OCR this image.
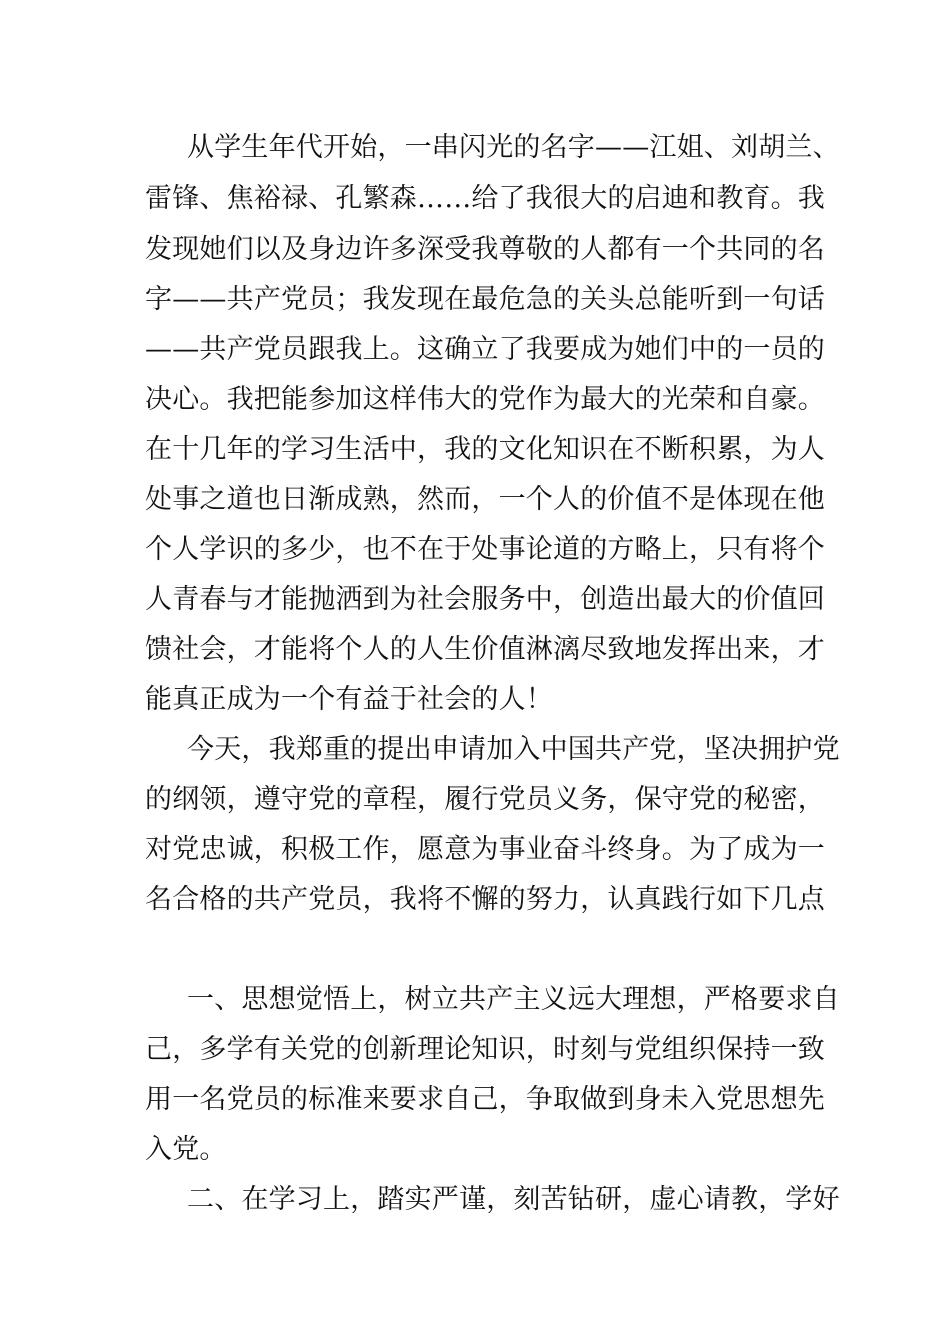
从学生年代开始，一串闪光的名字——江姐、刘胡兰、
雷锋、焦裕禄、孔繁森……给了我很大的启迪和教育。我
发现她们以及身边许多深受我尊敬的人都有一个共同的名
字——共产党员；我发现在最危急的关头总能听到一句话
——共产党员跟我上。这确立了我要成为她们中的一员的
决心。我把能参加这样伟大的党作为最大的光荣和自豪。
在十几年的学习生活中，我的文化知识在不断积累，为人
处事之道也日渐成熟，然而，一个人的价值不是体现在他
个人学识的多少，也不在于处事论道的方略上，只有将个
人青春与才能抛洒到为社会服务中，创造出最大的价值回
馈社会，才能将个人的人生价值淋漓尽致地发挥出来，才
能真正成为一个有益于社会的人！
今天，我郑重的提出申请加入中国共产党，坚决拥护党
的纲领，遵守党的章程，履行党员义务，保守党的秘密，
对党忠诚，积极工作，愿意为事业奋斗终身。为了成为一
名合格的共产党员，我将不懈的努力，认真践行如下几点
一、思想觉悟上，树立共产主义远大理想，严格要求自
己，多学有关党的创新理论知识，时刻与党组织保持一致
用一名党员的标准来要求自己，争取做到身未入党思想先
入党。
二、在学习上，踏实严谨，刻苦钻研，虚心请教，学好
